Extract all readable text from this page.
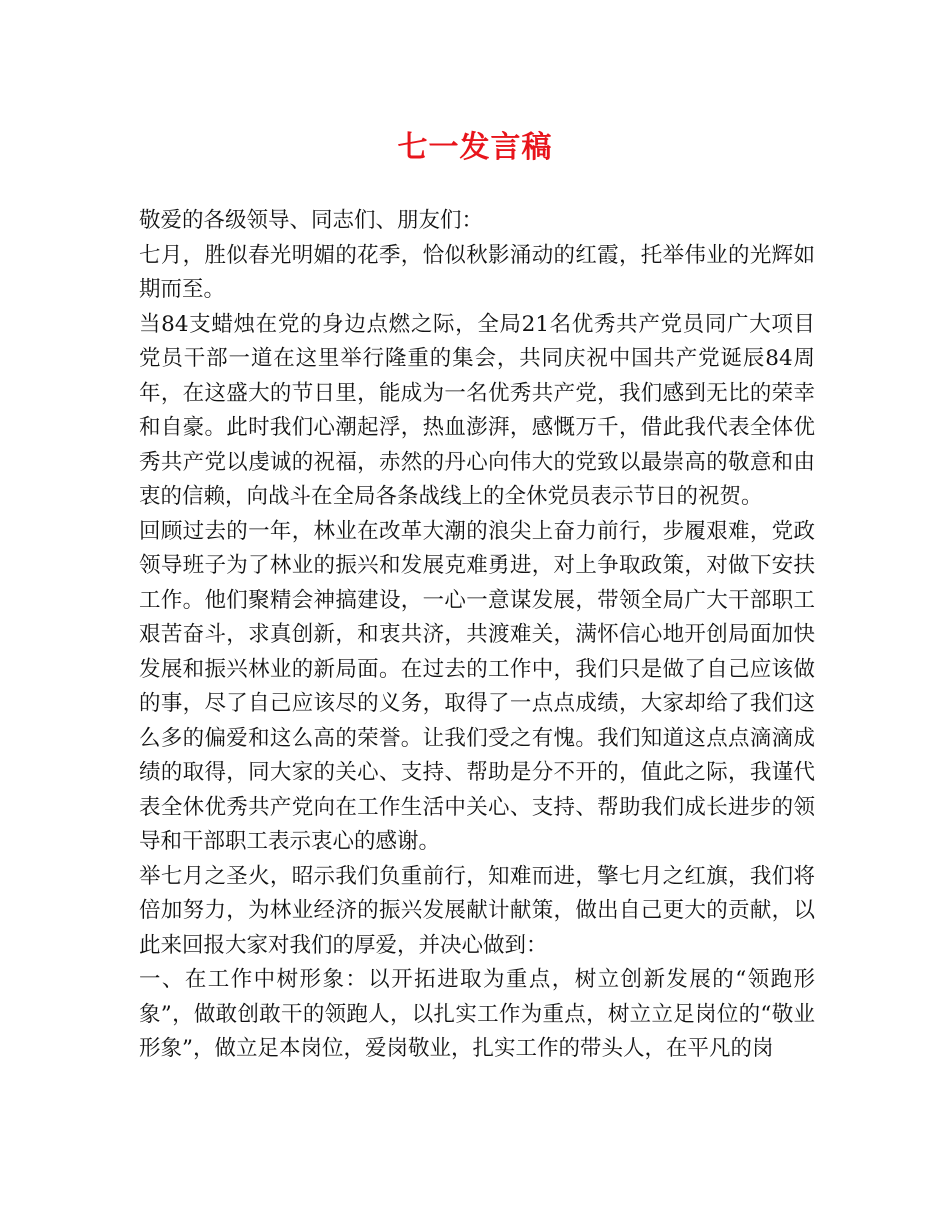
七一发言稿

敬爱的各级领导、同志们、朋友们：

七月，胜似春光明媚的花季，恰似秋影涌动的红霞，托举伟业的光辉如期而至。

当84支蜡烛在党的身边点燃之际，全局21名优秀共产党员同广大项目党员干部一道在这里举行隆重的集会，共同庆祝中国共产党诞辰84周年，在这盛大的节日里，能成为一名优秀共产党，我们感到无比的荣幸和自豪。此时我们心潮起浮，热血澎湃，感慨万千，借此我代表全体优秀共产党以虔诚的祝福，赤然的丹心向伟大的党致以最崇高的敬意和由衷的信赖，向战斗在全局各条战线上的全休党员表示节日的祝贺。

回顾过去的一年，林业在改革大潮的浪尖上奋力前行，步履艰难，党政领导班子为了林业的振兴和发展克难勇进，对上争取政策，对做下安扶工作。他们聚精会神搞建设，一心一意谋发展，带领全局广大干部职工艰苦奋斗，求真创新，和衷共济，共渡难关，满怀信心地开创局面加快发展和振兴林业的新局面。在过去的工作中，我们只是做了自己应该做的事，尽了自己应该尽的义务，取得了一点点成绩，大家却给了我们这么多的偏爱和这么高的荣誉。让我们受之有愧。我们知道这点点滴滴成绩的取得，同大家的关心、支持、帮助是分不开的，值此之际，我谨代表全休优秀共产党向在工作生活中关心、支持、帮助我们成长进步的领导和干部职工表示衷心的感谢。

举七月之圣火，昭示我们负重前行，知难而进，擎七月之红旗，我们将倍加努力，为林业经济的振兴发展献计献策，做出自己更大的贡献，以此来回报大家对我们的厚爱，并决心做到：

一、在工作中树形象：以开拓进取为重点，树立创新发展的“领跑形象”，做敢创敢干的领跑人，以扎实工作为重点，树立立足岗位的“敬业形象”，做立足本岗位，爱岗敬业，扎实工作的带头人，在平凡的岗
